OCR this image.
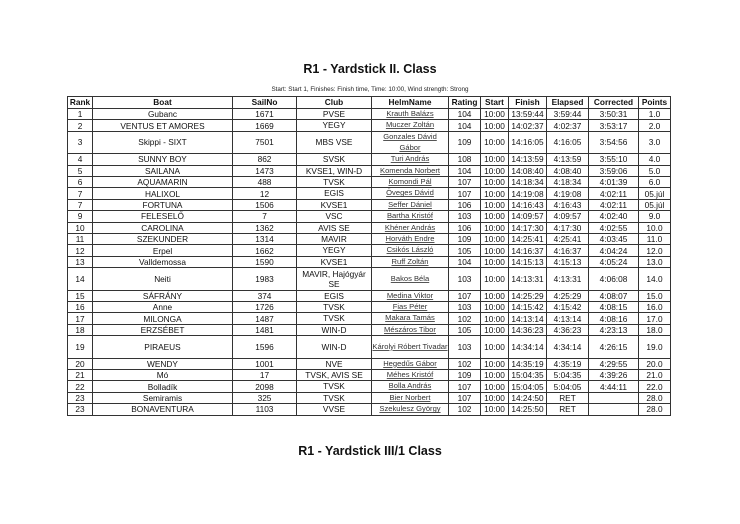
R1 - Yardstick II. Class
Start: Start 1, Finishes: Finish time, Time: 10:00, Wind strength: Strong
Rank	Boat	SailNo	Club	HelmName	Rating	Start	Finish	Elapsed	Corrected	Points
1	Gubanc	1671	PVSE	Krauth Balázs	104	10:00	13:59:44	3:59:44	3:50:31	1.0
2	VENTUS ET AMORES	1669	YEGY	Muczer Zoltán	104	10:00	14:02:37	4:02:37	3:53:17	2.0
3	Skippi - SIXT	7501	MBS VSE	Gonzales Dávid Gábor	109	10:00	14:16:05	4:16:05	3:54:56	3.0
4	SUNNY BOY	862	SVSK	Turi András	108	10:00	14:13:59	4:13:59	3:55:10	4.0
5	SAILANA	1473	KVSE1, WIN-D	Komenda Norbert	104	10:00	14:08:40	4:08:40	3:59:06	5.0
6	AQUAMARIN	488	TVSK	Komondi Pál	107	10:00	14:18:34	4:18:34	4:01:39	6.0
7	HALIXOL	12	EGIS	Öveges Dávid	107	10:00	14:19:08	4:19:08	4:02:11	05.júl
7	FORTUNA	1506	KVSE1	Seffer Dániel	106	10:00	14:16:43	4:16:43	4:02:11	05.júl
9	FELESELŐ	7	VSC	Bartha Kristóf	103	10:00	14:09:57	4:09:57	4:02:40	9.0
10	CAROLINA	1362	AVIS SE	Khéner András	106	10:00	14:17:30	4:17:30	4:02:55	10.0
11	SZEKUNDER	1314	MAVIR	Horváth Endre	109	10:00	14:25:41	4:25:41	4:03:45	11.0
12	Erpel	1662	YEGY	Csikós László	105	10:00	14:16:37	4:16:37	4:04:24	12.0
13	Valldemossa	1590	KVSE1	Ruff Zoltán	104	10:00	14:15:13	4:15:13	4:05:24	13.0
14	Neiti	1983	MAVIR, Hajógyár SE	Bakos Béla	103	10:00	14:13:31	4:13:31	4:06:08	14.0
15	SÁFRÁNY	374	EGIS	Medina Viktor	107	10:00	14:25:29	4:25:29	4:08:07	15.0
16	Anne	1726	TVSK	Fias Péter	103	10:00	14:15:42	4:15:42	4:08:15	16.0
17	MILONGA	1487	TVSK	Makara Tamás	102	10:00	14:13:14	4:13:14	4:08:16	17.0
18	ERZSÉBET	1481	WIN-D	Mészáros Tibor	105	10:00	14:36:23	4:36:23	4:23:13	18.0
19	PIRAEUS	1596	WIN-D	Károlyi Róbert Tivadar	103	10:00	14:34:14	4:34:14	4:26:15	19.0
20	WENDY	1001	NVE	Hegedűs Gábor	102	10:00	14:35:19	4:35:19	4:29:55	20.0
21	Mó	17	TVSK, AVIS SE	Méhes Kristóf	109	10:00	15:04:35	5:04:35	4:39:26	21.0
22	Bolladík	2098	TVSK	Bolla András	107	10:00	15:04:05	5:04:05	4:44:11	22.0
23	Semiramis	325	TVSK	Bier Norbert	107	10:00	14:24:50	RET		28.0
23	BONAVENTURA	1103	VVSE	Szekulesz György	102	10:00	14:25:50	RET		28.0
R1 - Yardstick III/1 Class
